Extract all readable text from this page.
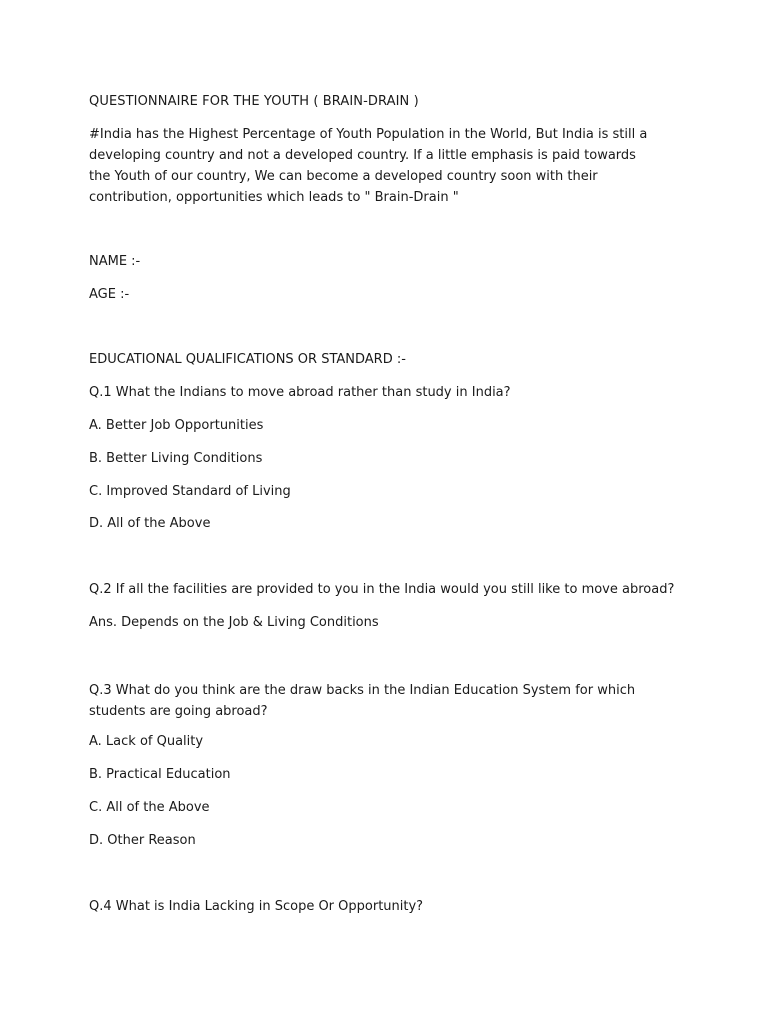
QUESTIONNAIRE FOR THE YOUTH ( BRAIN-DRAIN )

#India has the Highest Percentage of Youth Population in the World, But India is still a developing country and not a developed country. If a little emphasis is paid towards the Youth of our country, We can become a developed country soon with their contribution, opportunities which leads to " Brain-Drain "

NAME :-

AGE :-

EDUCATIONAL QUALIFICATIONS OR STANDARD :-

Q.1 What the Indians to move abroad rather than study in India?

A. Better Job Opportunities

B. Better Living Conditions

C. Improved Standard of Living

D. All of the Above

Q.2 If all the facilities are provided to you in the India would you still like to move abroad?

Ans. Depends on the Job & Living Conditions

Q.3 What do you think are the draw backs in the Indian Education System for which students are going abroad?

A. Lack of Quality

B. Practical Education

C. All of the Above

D. Other Reason

Q.4 What is India Lacking in Scope Or Opportunity?
